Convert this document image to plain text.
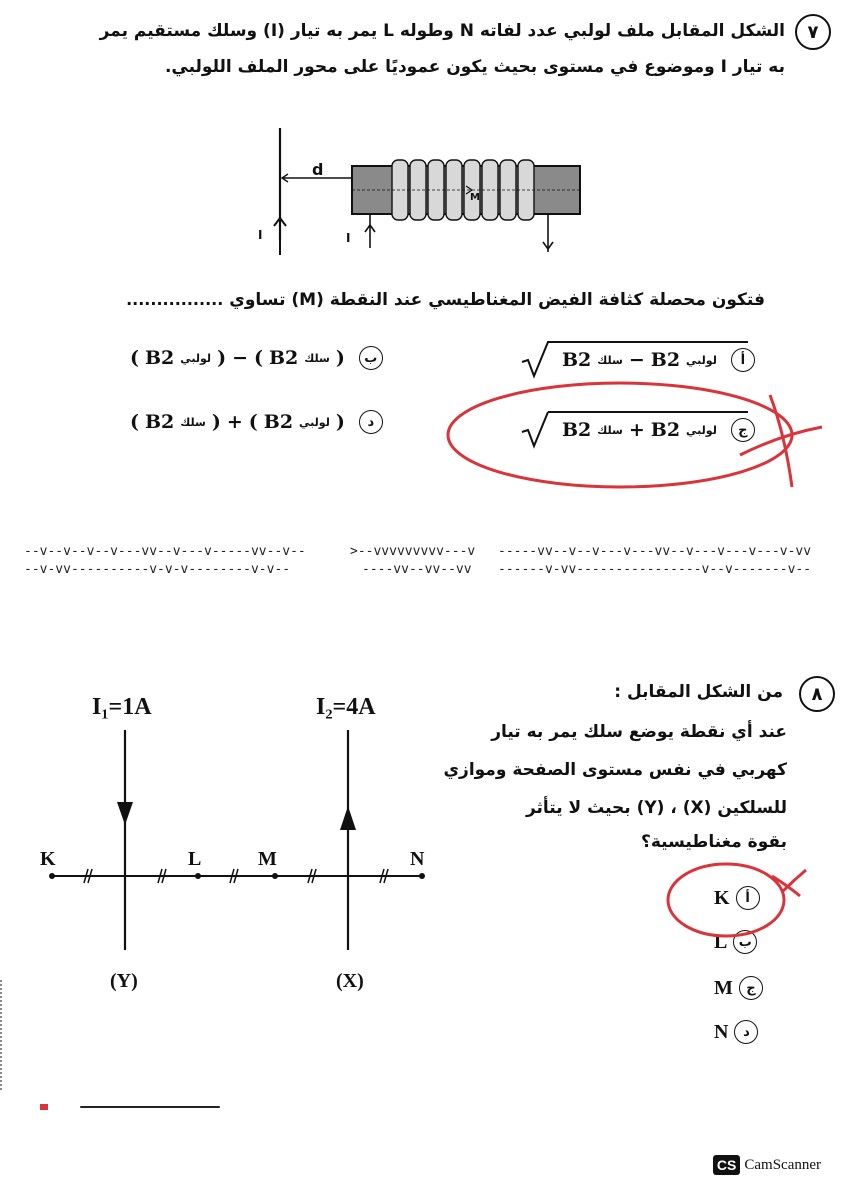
٧
الشكل المقابل ملف لولبي عدد لفاته N وطوله L يمر به تيار (I) وسلك مستقيم يمر
به تيار I وموضوع في مستوى بحيث يكون عموديًا على محور الملف اللولبي.
d
I	I
M
فتكون محصلة كثافة الفيض المغناطيسي عند النقطة (M) تساوي ................
B2 سلك − B2 لولبي	أ
( B2 لولبي ) − ( B2 سلك )	ب
B2 سلك + B2 لولبي	ج
( B2 سلك ) + ( B2 لولبي )	د
--v--v--v--v---vv--v---v-----vv--v--	>--vvvvvvvvv---v -----vv--v--v---v---vv--v---v---v---v-vv
--v-vv----------v-v-v--------v-v--	----vv--vv--vv ------v-vv----------------v--v-------v--
٨
من الشكل المقابل :
عند أي نقطة يوضع سلك يمر به تيار
كهربي في نفس مستوى الصفحة وموازي
للسلكين (X) ، (Y) بحيث لا يتأثر
بقوة مغناطيسية؟
I₁=1A	I₂=4A
K	L	M	N
(Y)	(X)
K	أ
L ب
M	ج
N	د
CS CamScanner
